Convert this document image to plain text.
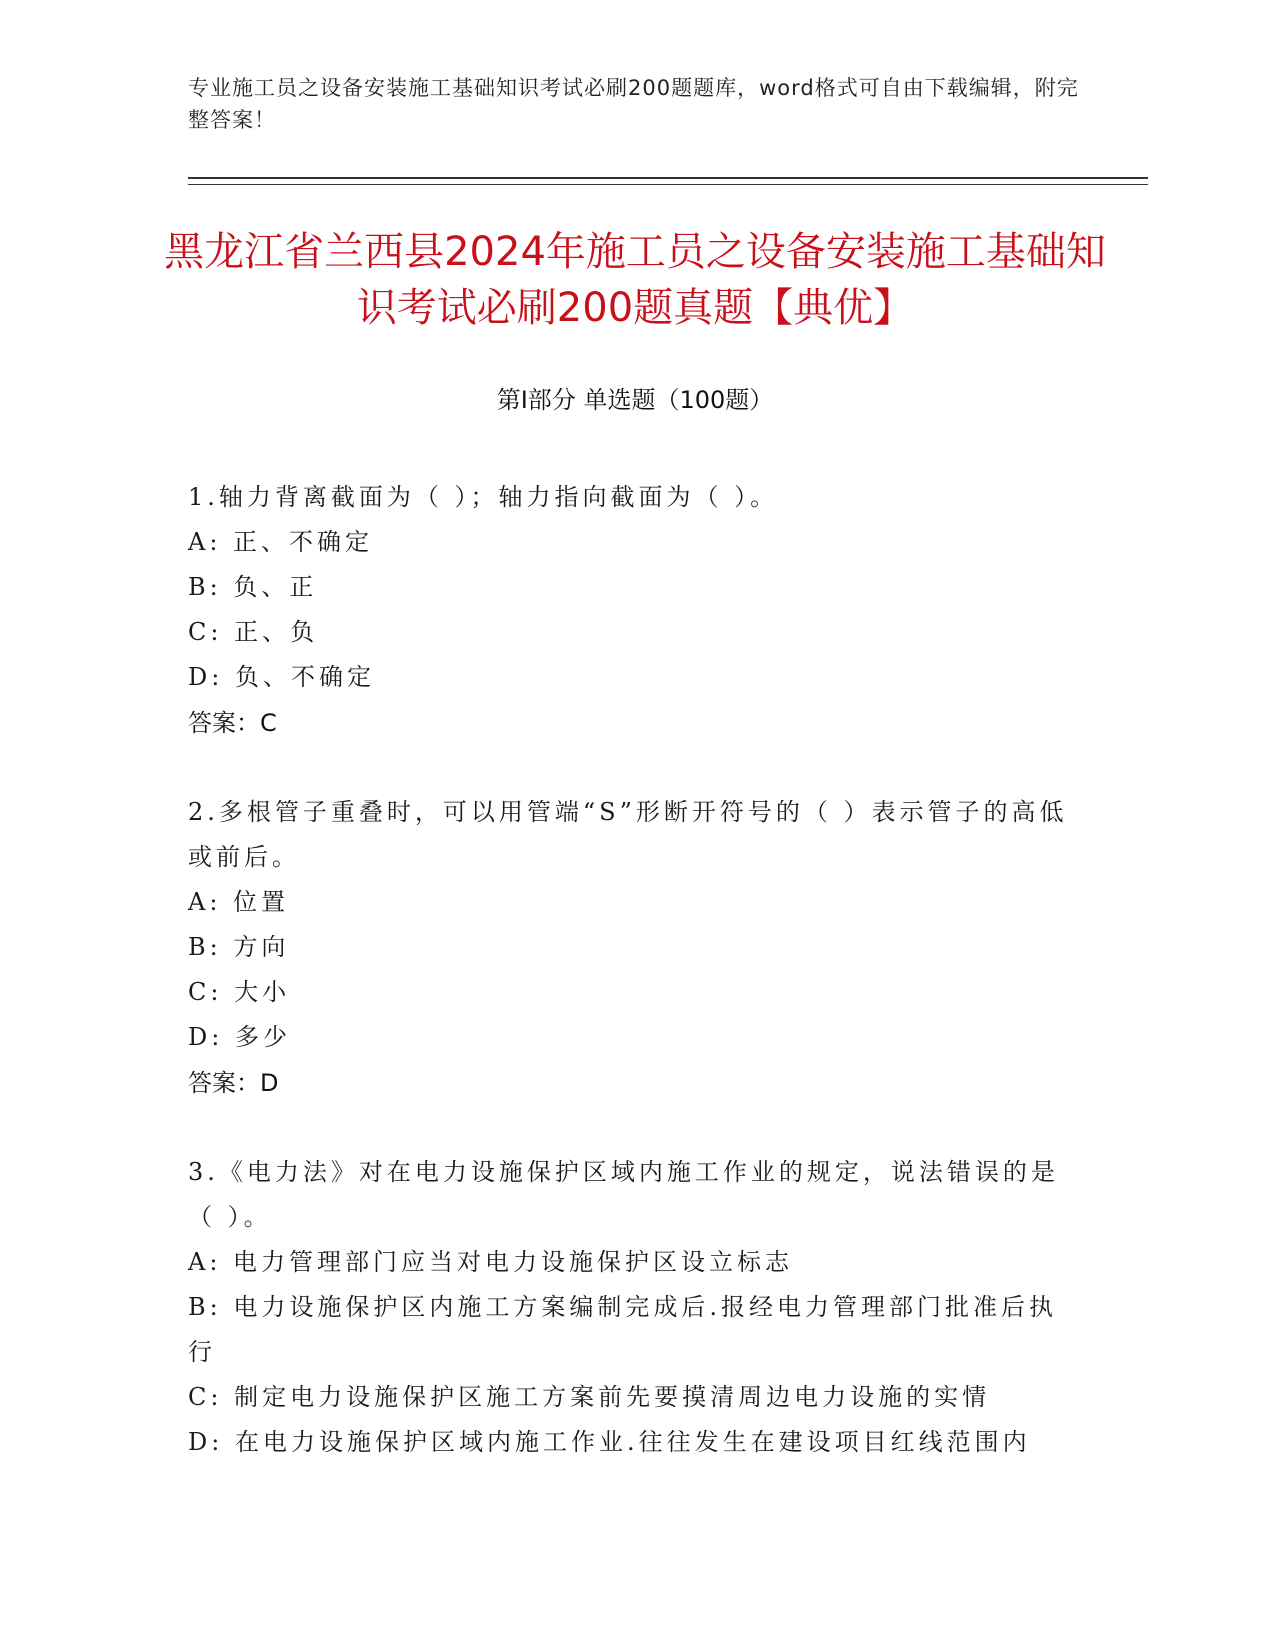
专业施工员之设备安装施工基础知识考试必刷200题题库，word格式可自由下载编辑，附完整答案！
黑龙江省兰西县2024年施工员之设备安装施工基础知识考试必刷200题真题【典优】
第I部分 单选题（100题）
1.轴力背离截面为（ ）；轴力指向截面为（ ）。
A: 正、不确定
B: 负、正
C: 正、负
D: 负、不确定
答案：C
2.多根管子重叠时，可以用管端“S”形断开符号的（ ）表示管子的高低或前后。
A: 位置
B: 方向
C: 大小
D: 多少
答案：D
3.《电力法》对在电力设施保护区域内施工作业的规定，说法错误的是（ ）。
A: 电力管理部门应当对电力设施保护区设立标志
B: 电力设施保护区内施工方案编制完成后.报经电力管理部门批准后执行
C: 制定电力设施保护区施工方案前先要摸清周边电力设施的实情
D: 在电力设施保护区域内施工作业.往往发生在建设项目红线范围内
